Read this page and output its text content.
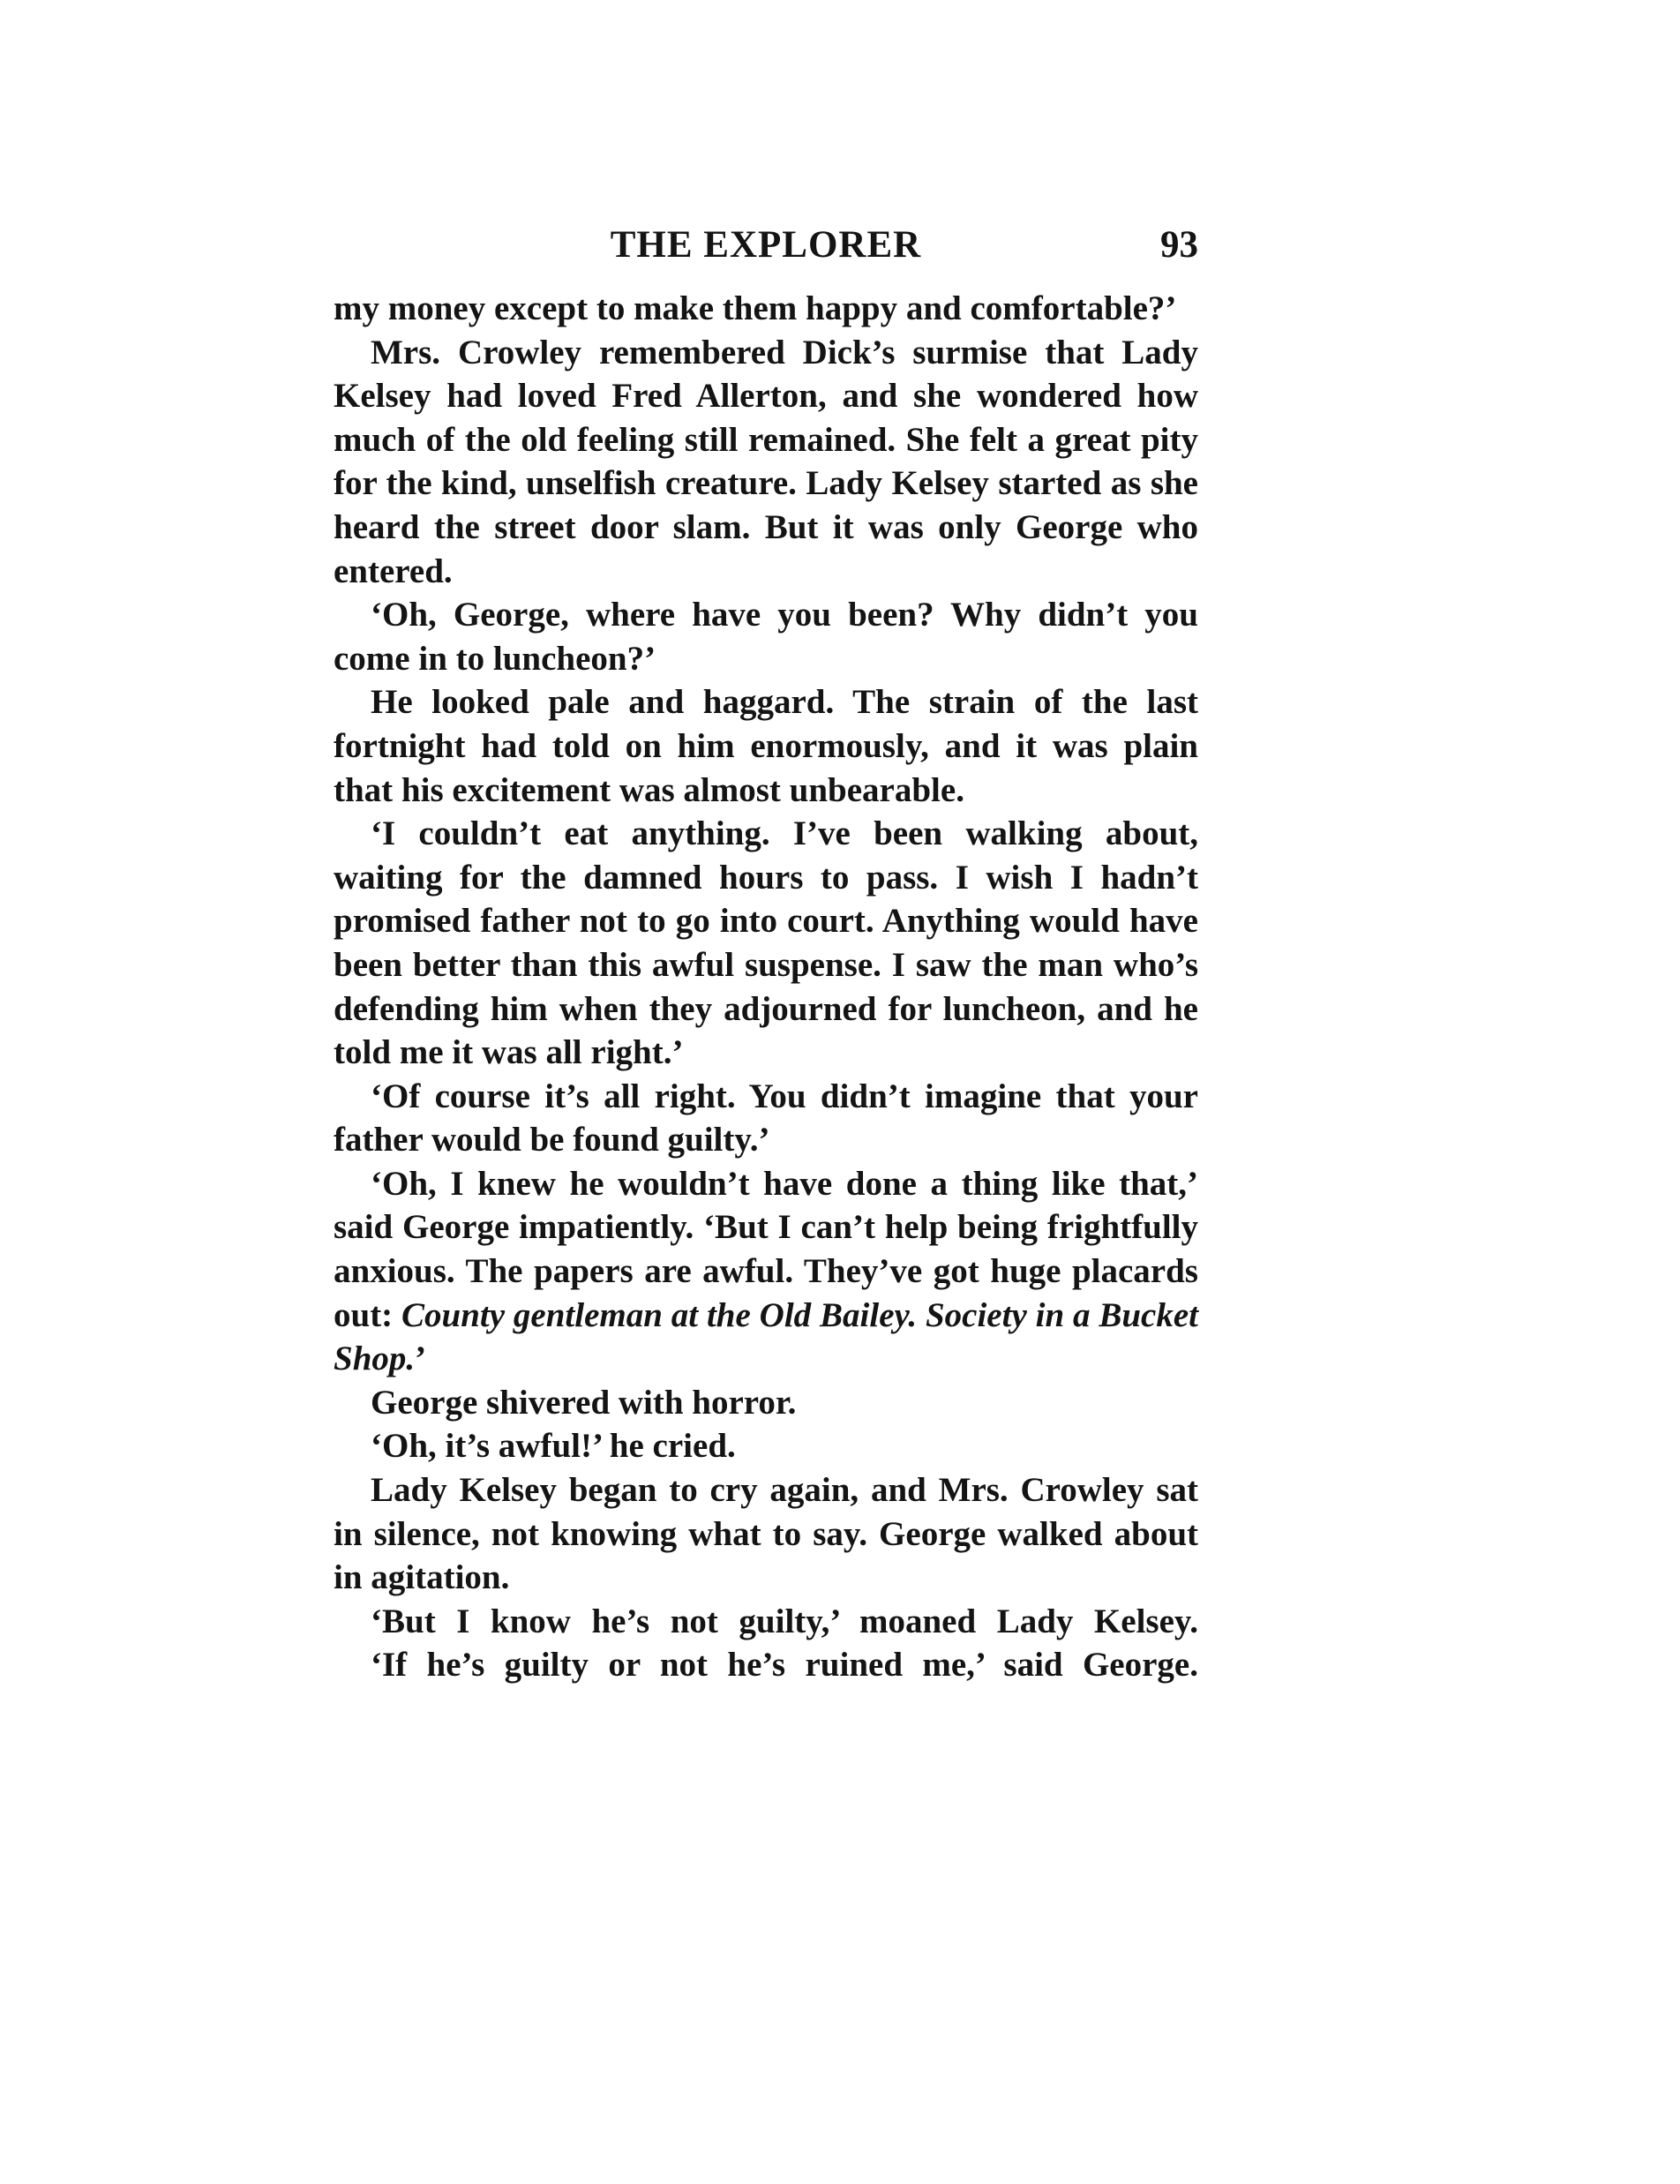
THE EXPLORER	93

my money except to make them happy and comfortable?’

Mrs. Crowley remembered Dick’s surmise that Lady Kelsey had loved Fred Allerton, and she wondered how much of the old feeling still remained. She felt a great pity for the kind, unselfish creature. Lady Kelsey started as she heard the street door slam. But it was only George who entered.

‘Oh, George, where have you been? Why didn’t you come in to luncheon?’

He looked pale and haggard. The strain of the last fortnight had told on him enormously, and it was plain that his excitement was almost unbearable.

‘I couldn’t eat anything. I’ve been walking about, waiting for the damned hours to pass. I wish I hadn’t promised father not to go into court. Anything would have been better than this awful suspense. I saw the man who’s defending him when they adjourned for luncheon, and he told me it was all right.’

‘Of course it’s all right. You didn’t imagine that your father would be found guilty.’

‘Oh, I knew he wouldn’t have done a thing like that,’ said George impatiently. ‘But I can’t help being frightfully anxious. The papers are awful. They’ve got huge placards out: County gentleman at the Old Bailey. Society in a Bucket Shop.’

George shivered with horror.

‘Oh, it’s awful!’ he cried.

Lady Kelsey began to cry again, and Mrs. Crowley sat in silence, not knowing what to say. George walked about in agitation.

‘But I know he’s not guilty,’ moaned Lady Kelsey.

‘If he’s guilty or not he’s ruined me,’ said George.
